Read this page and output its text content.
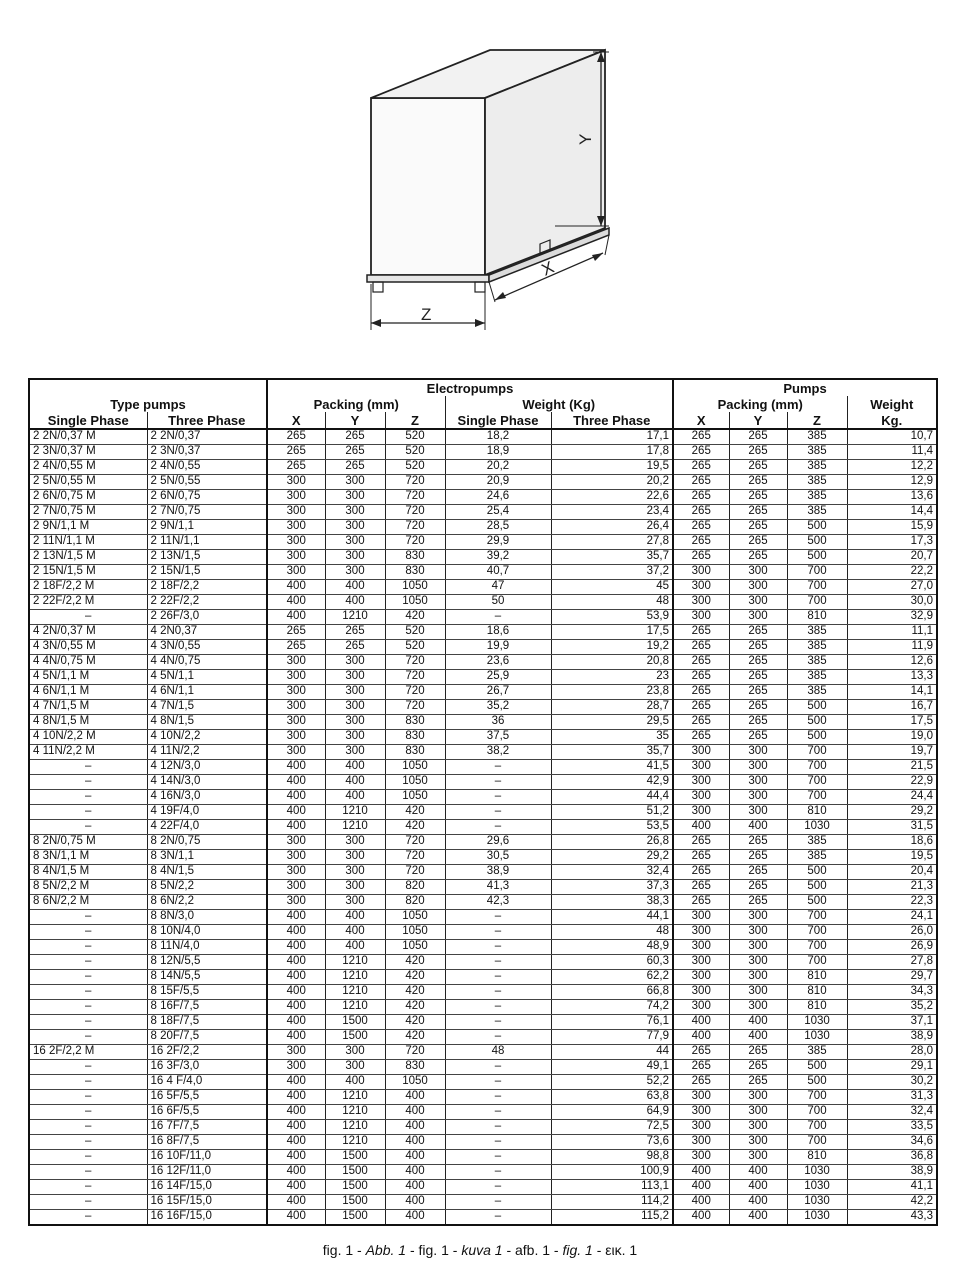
Y
X
Z
		Electropumps					Pumps			
Type pumps		Packing (mm)			Weight (Kg)		Packing (mm)			Weight
Single Phase	Three Phase	X	Y	Z	Single Phase	Three Phase	X	Y	Z	Kg.
2 2N/0,37 M	2 2N/0,37	265	265	520	18,2	17,1	265	265	385	10,7
2 3N/0,37 M	2 3N/0,37	265	265	520	18,9	17,8	265	265	385	11,4
2 4N/0,55 M	2 4N/0,55	265	265	520	20,2	19,5	265	265	385	12,2
2 5N/0,55 M	2 5N/0,55	300	300	720	20,9	20,2	265	265	385	12,9
2 6N/0,75 M	2 6N/0,75	300	300	720	24,6	22,6	265	265	385	13,6
2 7N/0,75 M	2 7N/0,75	300	300	720	25,4	23,4	265	265	385	14,4
2 9N/1,1 M	2 9N/1,1	300	300	720	28,5	26,4	265	265	500	15,9
2 11N/1,1 M	2 11N/1,1	300	300	720	29,9	27,8	265	265	500	17,3
2 13N/1,5 M	2 13N/1,5	300	300	830	39,2	35,7	265	265	500	20,7
2 15N/1,5 M	2 15N/1,5	300	300	830	40,7	37,2	300	300	700	22,2
2 18F/2,2 M	2 18F/2,2	400	400	1050	47	45	300	300	700	27,0
2 22F/2,2 M	2 22F/2,2	400	400	1050	50	48	300	300	700	30,0
–	2 26F/3,0	400	1210	420	–	53,9	300	300	810	32,9
4 2N/0,37 M	4 2N0,37	265	265	520	18,6	17,5	265	265	385	11,1
4 3N/0,55 M	4 3N/0,55	265	265	520	19,9	19,2	265	265	385	11,9
4 4N/0,75 M	4 4N/0,75	300	300	720	23,6	20,8	265	265	385	12,6
4 5N/1,1 M	4 5N/1,1	300	300	720	25,9	23	265	265	385	13,3
4 6N/1,1 M	4 6N/1,1	300	300	720	26,7	23,8	265	265	385	14,1
4 7N/1,5 M	4 7N/1,5	300	300	720	35,2	28,7	265	265	500	16,7
4 8N/1,5 M	4 8N/1,5	300	300	830	36	29,5	265	265	500	17,5
4 10N/2,2 M	4 10N/2,2	300	300	830	37,5	35	265	265	500	19,0
4 11N/2,2 M	4 11N/2,2	300	300	830	38,2	35,7	300	300	700	19,7
–	4 12N/3,0	400	400	1050	–	41,5	300	300	700	21,5
–	4 14N/3,0	400	400	1050	–	42,9	300	300	700	22,9
–	4 16N/3,0	400	400	1050	–	44,4	300	300	700	24,4
–	4 19F/4,0	400	1210	420	–	51,2	300	300	810	29,2
–	4 22F/4,0	400	1210	420	–	53,5	400	400	1030	31,5
8 2N/0,75 M	8 2N/0,75	300	300	720	29,6	26,8	265	265	385	18,6
8 3N/1,1 M	8 3N/1,1	300	300	720	30,5	29,2	265	265	385	19,5
8 4N/1,5 M	8 4N/1,5	300	300	720	38,9	32,4	265	265	500	20,4
8 5N/2,2 M	8 5N/2,2	300	300	820	41,3	37,3	265	265	500	21,3
8 6N/2,2 M	8 6N/2,2	300	300	820	42,3	38,3	265	265	500	22,3
–	8 8N/3,0	400	400	1050	–	44,1	300	300	700	24,1
–	8 10N/4,0	400	400	1050	–	48	300	300	700	26,0
–	8 11N/4,0	400	400	1050	–	48,9	300	300	700	26,9
–	8 12N/5,5	400	1210	420	–	60,3	300	300	700	27,8
–	8 14N/5,5	400	1210	420	–	62,2	300	300	810	29,7
–	8 15F/5,5	400	1210	420	–	66,8	300	300	810	34,3
–	8 16F/7,5	400	1210	420	–	74,2	300	300	810	35,2
–	8 18F/7,5	400	1500	420	–	76,1	400	400	1030	37,1
–	8 20F/7,5	400	1500	420	–	77,9	400	400	1030	38,9
16 2F/2,2 M	16 2F/2,2	300	300	720	48	44	265	265	385	28,0
–	16 3F/3,0	300	300	830	–	49,1	265	265	500	29,1
–	16 4 F/4,0	400	400	1050	–	52,2	265	265	500	30,2
–	16 5F/5,5	400	1210	400	–	63,8	300	300	700	31,3
–	16 6F/5,5	400	1210	400	–	64,9	300	300	700	32,4
–	16 7F/7,5	400	1210	400	–	72,5	300	300	700	33,5
–	16 8F/7,5	400	1210	400	–	73,6	300	300	700	34,6
–	16 10F/11,0	400	1500	400	–	98,8	300	300	810	36,8
–	16 12F/11,0	400	1500	400	–	100,9	400	400	1030	38,9
–	16 14F/15,0	400	1500	400	–	113,1	400	400	1030	41,1
–	16 15F/15,0	400	1500	400	–	114,2	400	400	1030	42,2
–	16 16F/15,0	400	1500	400	–	115,2	400	400	1030	43,3
fig. 1 - Abb. 1 - fig. 1 - kuva 1 - afb. 1 - fig. 1 - εικ. 1
